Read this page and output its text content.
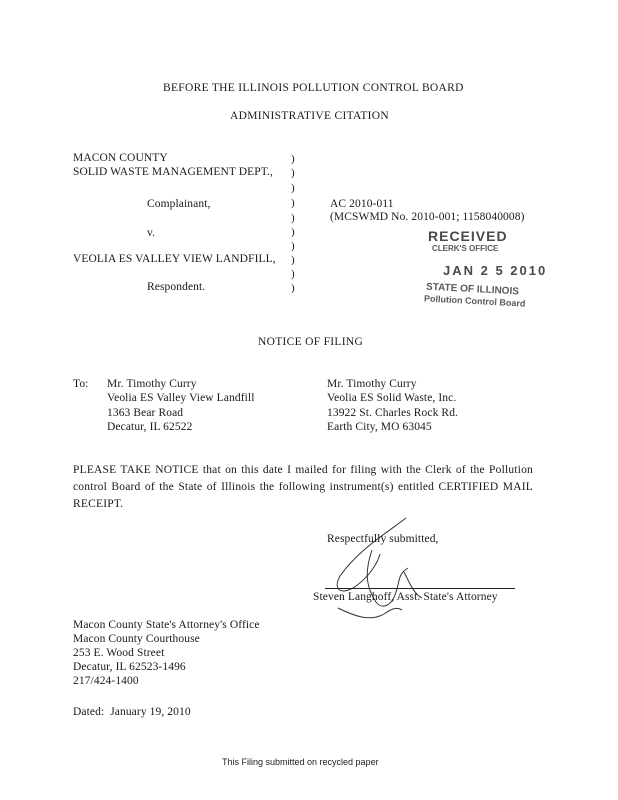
BEFORE THE ILLINOIS POLLUTION CONTROL BOARD
ADMINISTRATIVE CITATION
MACON COUNTY
SOLID WASTE MANAGEMENT DEPT.,
Complainant,
v.
VEOLIA ES VALLEY VIEW LANDFILL,
Respondent.
)
)
)
)
)
)
)
)
)
)
AC 2010-011
(MCSWMD No. 2010-001; 1158040008)
RECEIVED
CLERK'S OFFICE
JAN 2 5 2010
STATE OF ILLINOIS
Pollution Control Board
NOTICE OF FILING
To: Mr. Timothy Curry
Veolia ES Valley View Landfill
1363 Bear Road
Decatur, IL 62522
Mr. Timothy Curry
Veolia ES Solid Waste, Inc.
13922 St. Charles Rock Rd.
Earth City, MO 63045
PLEASE TAKE NOTICE that on this date I mailed for filing with the Clerk of the Pollution control Board of the State of Illinois the following instrument(s) entitled CERTIFIED MAIL RECEIPT.
Respectfully submitted,
Steven Langhoff, Asst. State's Attorney
Macon County State's Attorney's Office
Macon County Courthouse
253 E. Wood Street
Decatur, IL 62523-1496
217/424-1400
Dated:  January 19, 2010
This Filing submitted on recycled paper
